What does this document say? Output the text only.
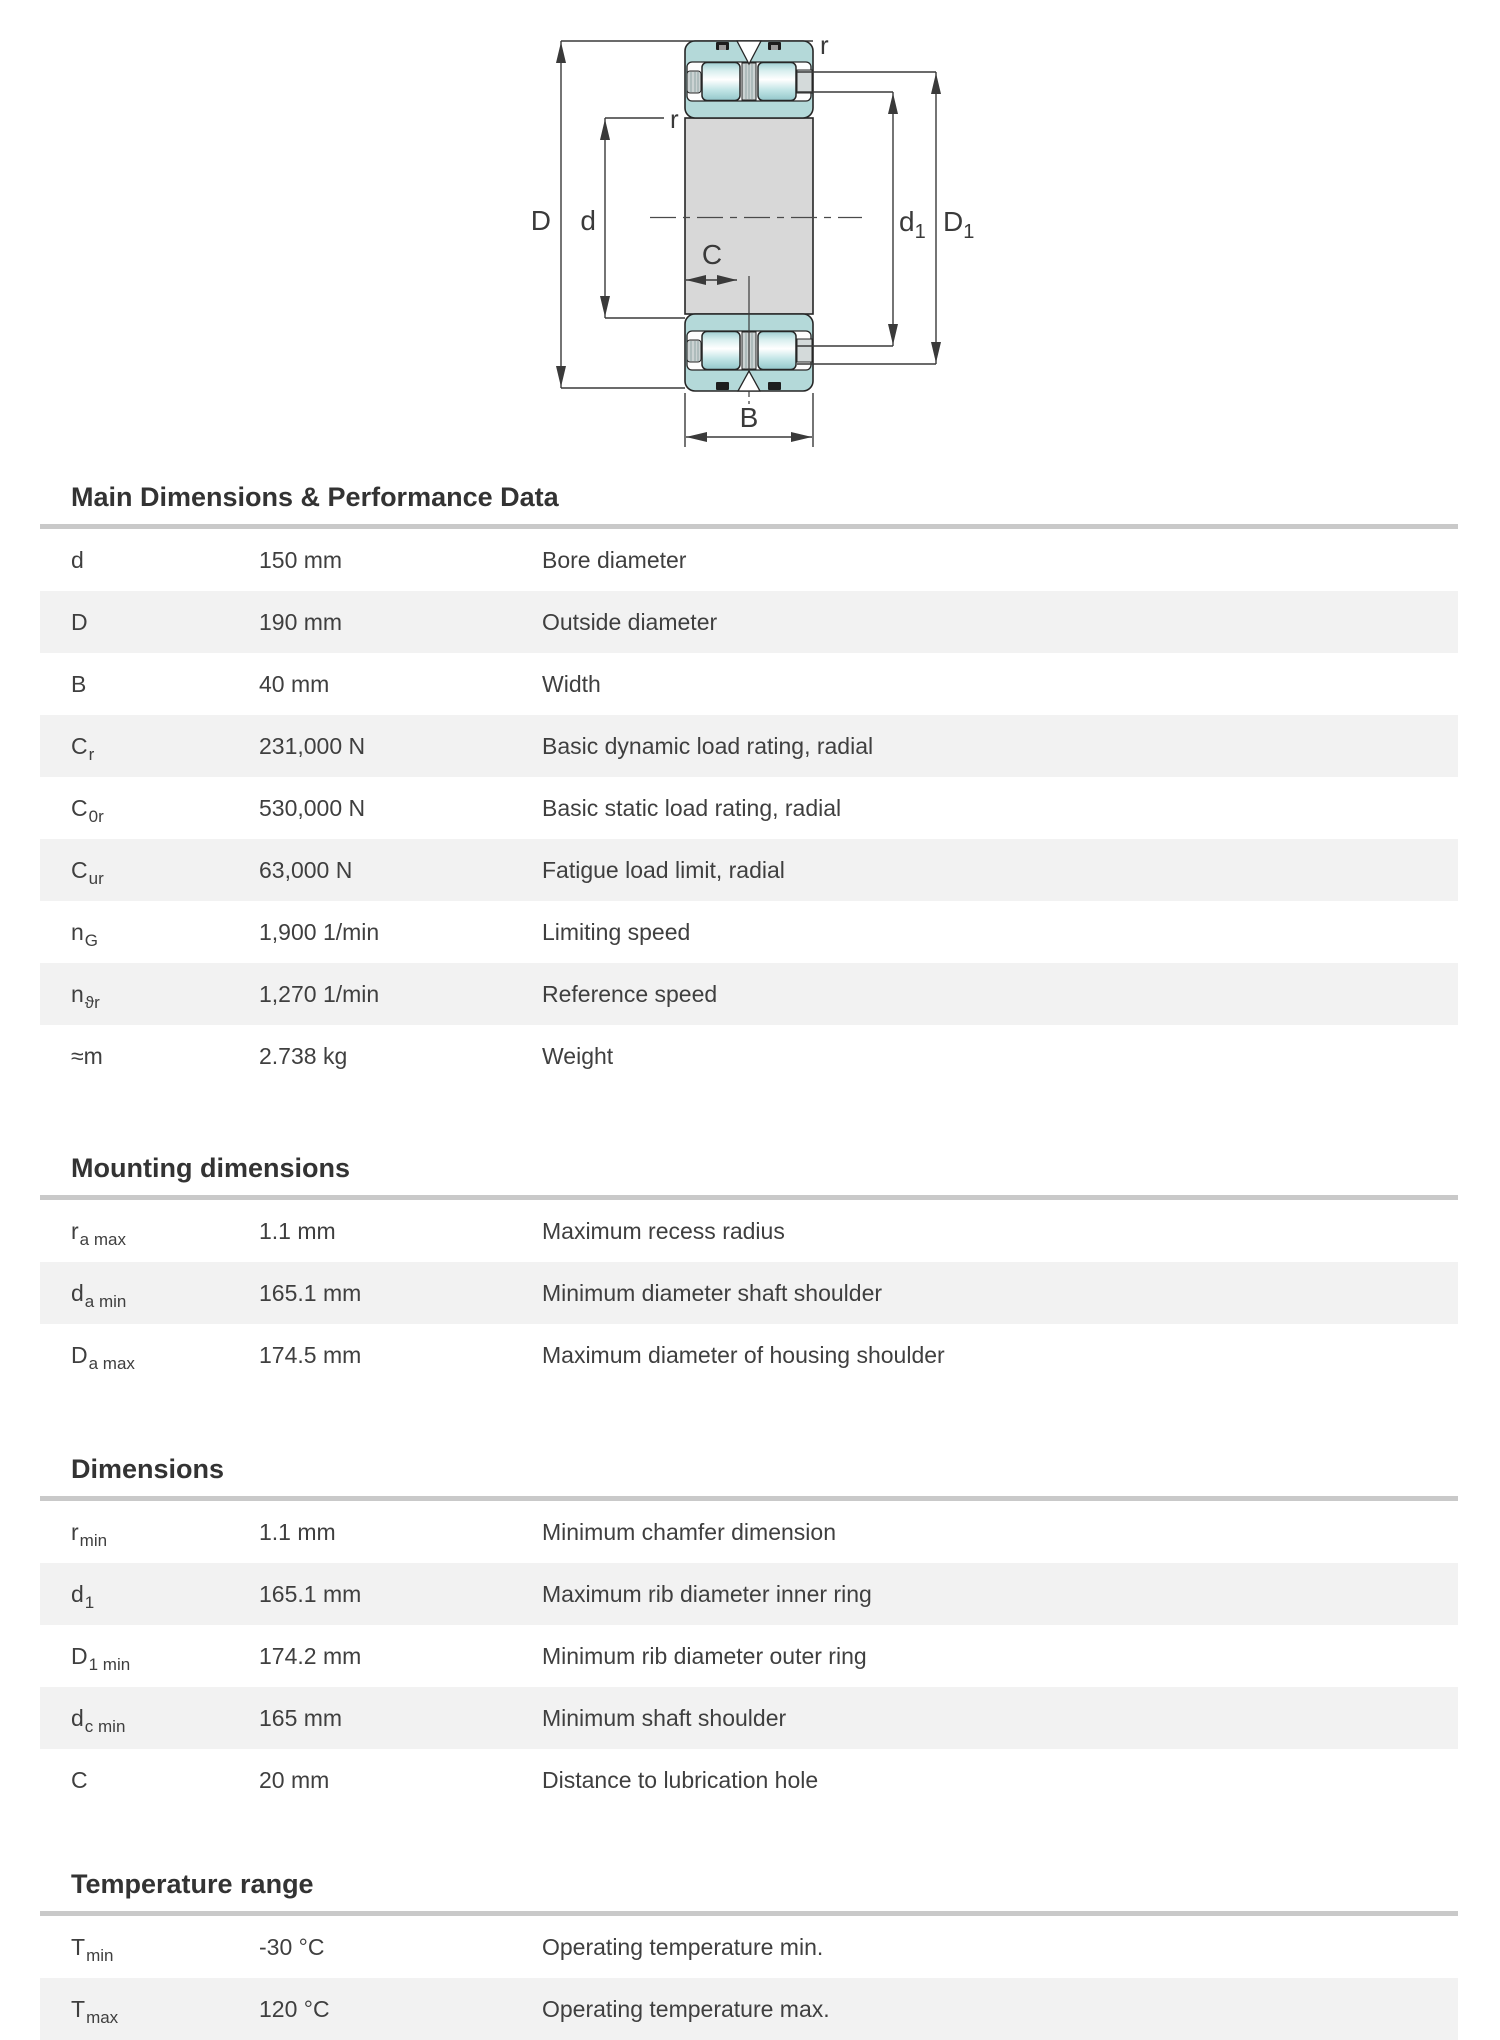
D d
r
r
C
$d_1$ $D_1$
B
Main Dimensions & Performance Data
d	150 mm	Bore diameter
D	190 mm	Outside diameter
B	40 mm	Width
$C_r$	231,000 N	Basic dynamic load rating, radial
$C_{0r}$	530,000 N	Basic static load rating, radial
$C_{ur}$	63,000 N	Fatigue load limit, radial
$n_G$	1,900 1/min	Limiting speed
$n_{ϑr}$	1,270 1/min	Reference speed
≈m	2.738 kg	Weight
Mounting dimensions
$r_{a max}$	1.1 mm	Maximum recess radius
$d_{a min}$	165.1 mm	Minimum diameter shaft shoulder
$D_{a max}$	174.5 mm	Maximum diameter of housing shoulder
Dimensions
$r_{min}$	1.1 mm	Minimum chamfer dimension
$d_1$	165.1 mm	Maximum rib diameter inner ring
$D_{1 min}$	174.2 mm	Minimum rib diameter outer ring
$d_{c min}$	165 mm	Minimum shaft shoulder
C	20 mm	Distance to lubrication hole
Temperature range
$T_{min}$	-30 °C	Operating temperature min.
$T_{max}$	120 °C	Operating temperature max.
